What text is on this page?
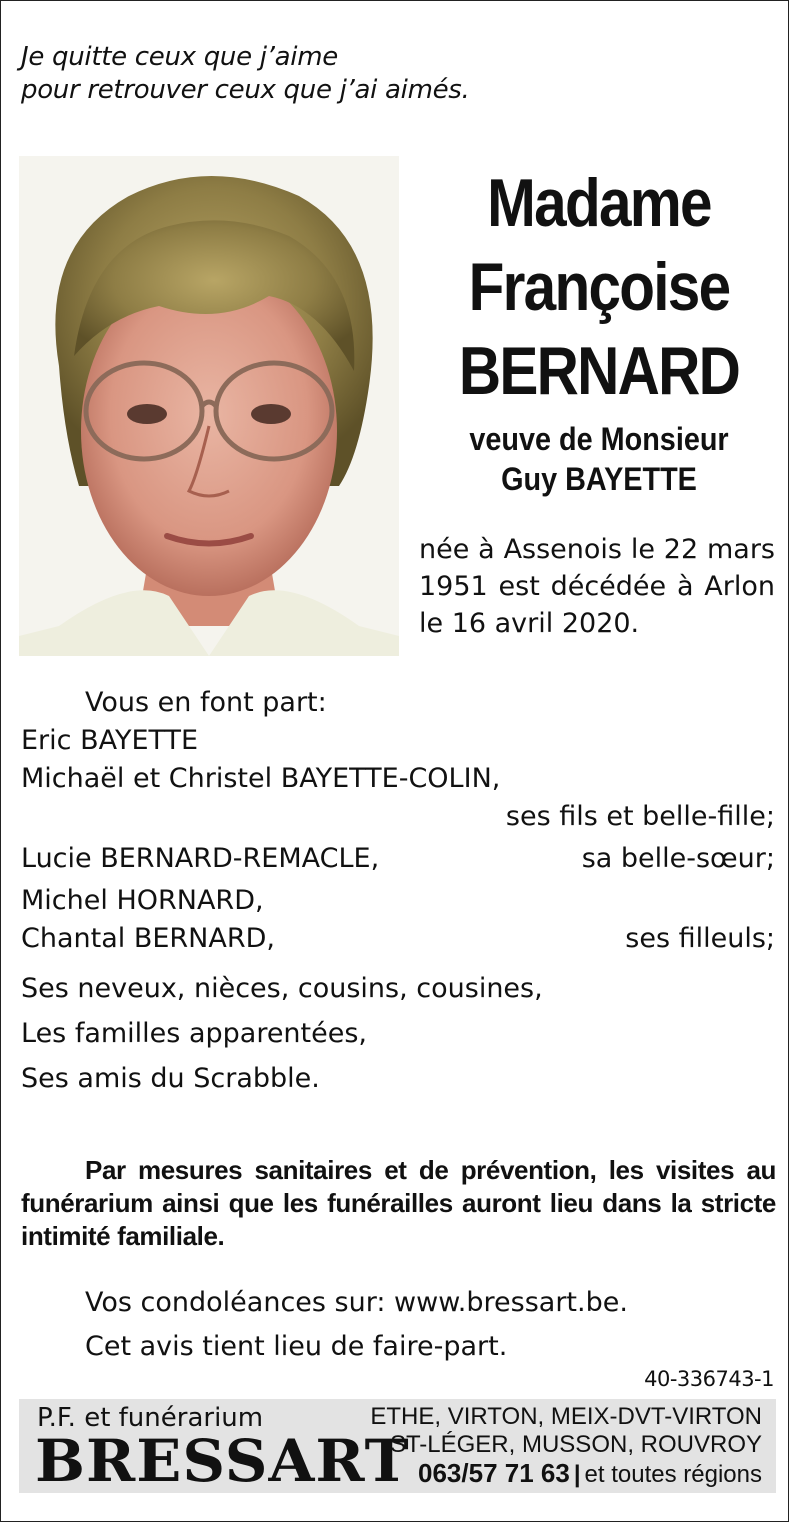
Je quitte ceux que j’aime
pour retrouver ceux que j’ai aimés.
Madame
Françoise
BERNARD
veuve de Monsieur
Guy BAYETTE
née à Assenois le 22 mars 1951 est décédée à Arlon le 16 avril 2020.
Vous en font part:
Eric BAYETTE
Michaël et Christel BAYETTE-COLIN,
ses fils et belle-fille;
Lucie BERNARD-REMACLE,	sa belle-sœur;
Michel HORNARD,
Chantal BERNARD,	ses filleuls;
Ses neveux, nièces, cousins, cousines,
Les familles apparentées,
Ses amis du Scrabble.
Par mesures sanitaires et de prévention, les visites au funérarium ainsi que les funérailles auront lieu dans la stricte intimité familiale.
Vos condoléances sur: www.bressart.be.
Cet avis tient lieu de faire-part.
40-336743-1
P.F. et funérarium
BRESSART
ETHE, VIRTON, MEIX-DVT-VIRTON
ST-LÉGER, MUSSON, ROUVROY
063/57 71 63 | et toutes régions
